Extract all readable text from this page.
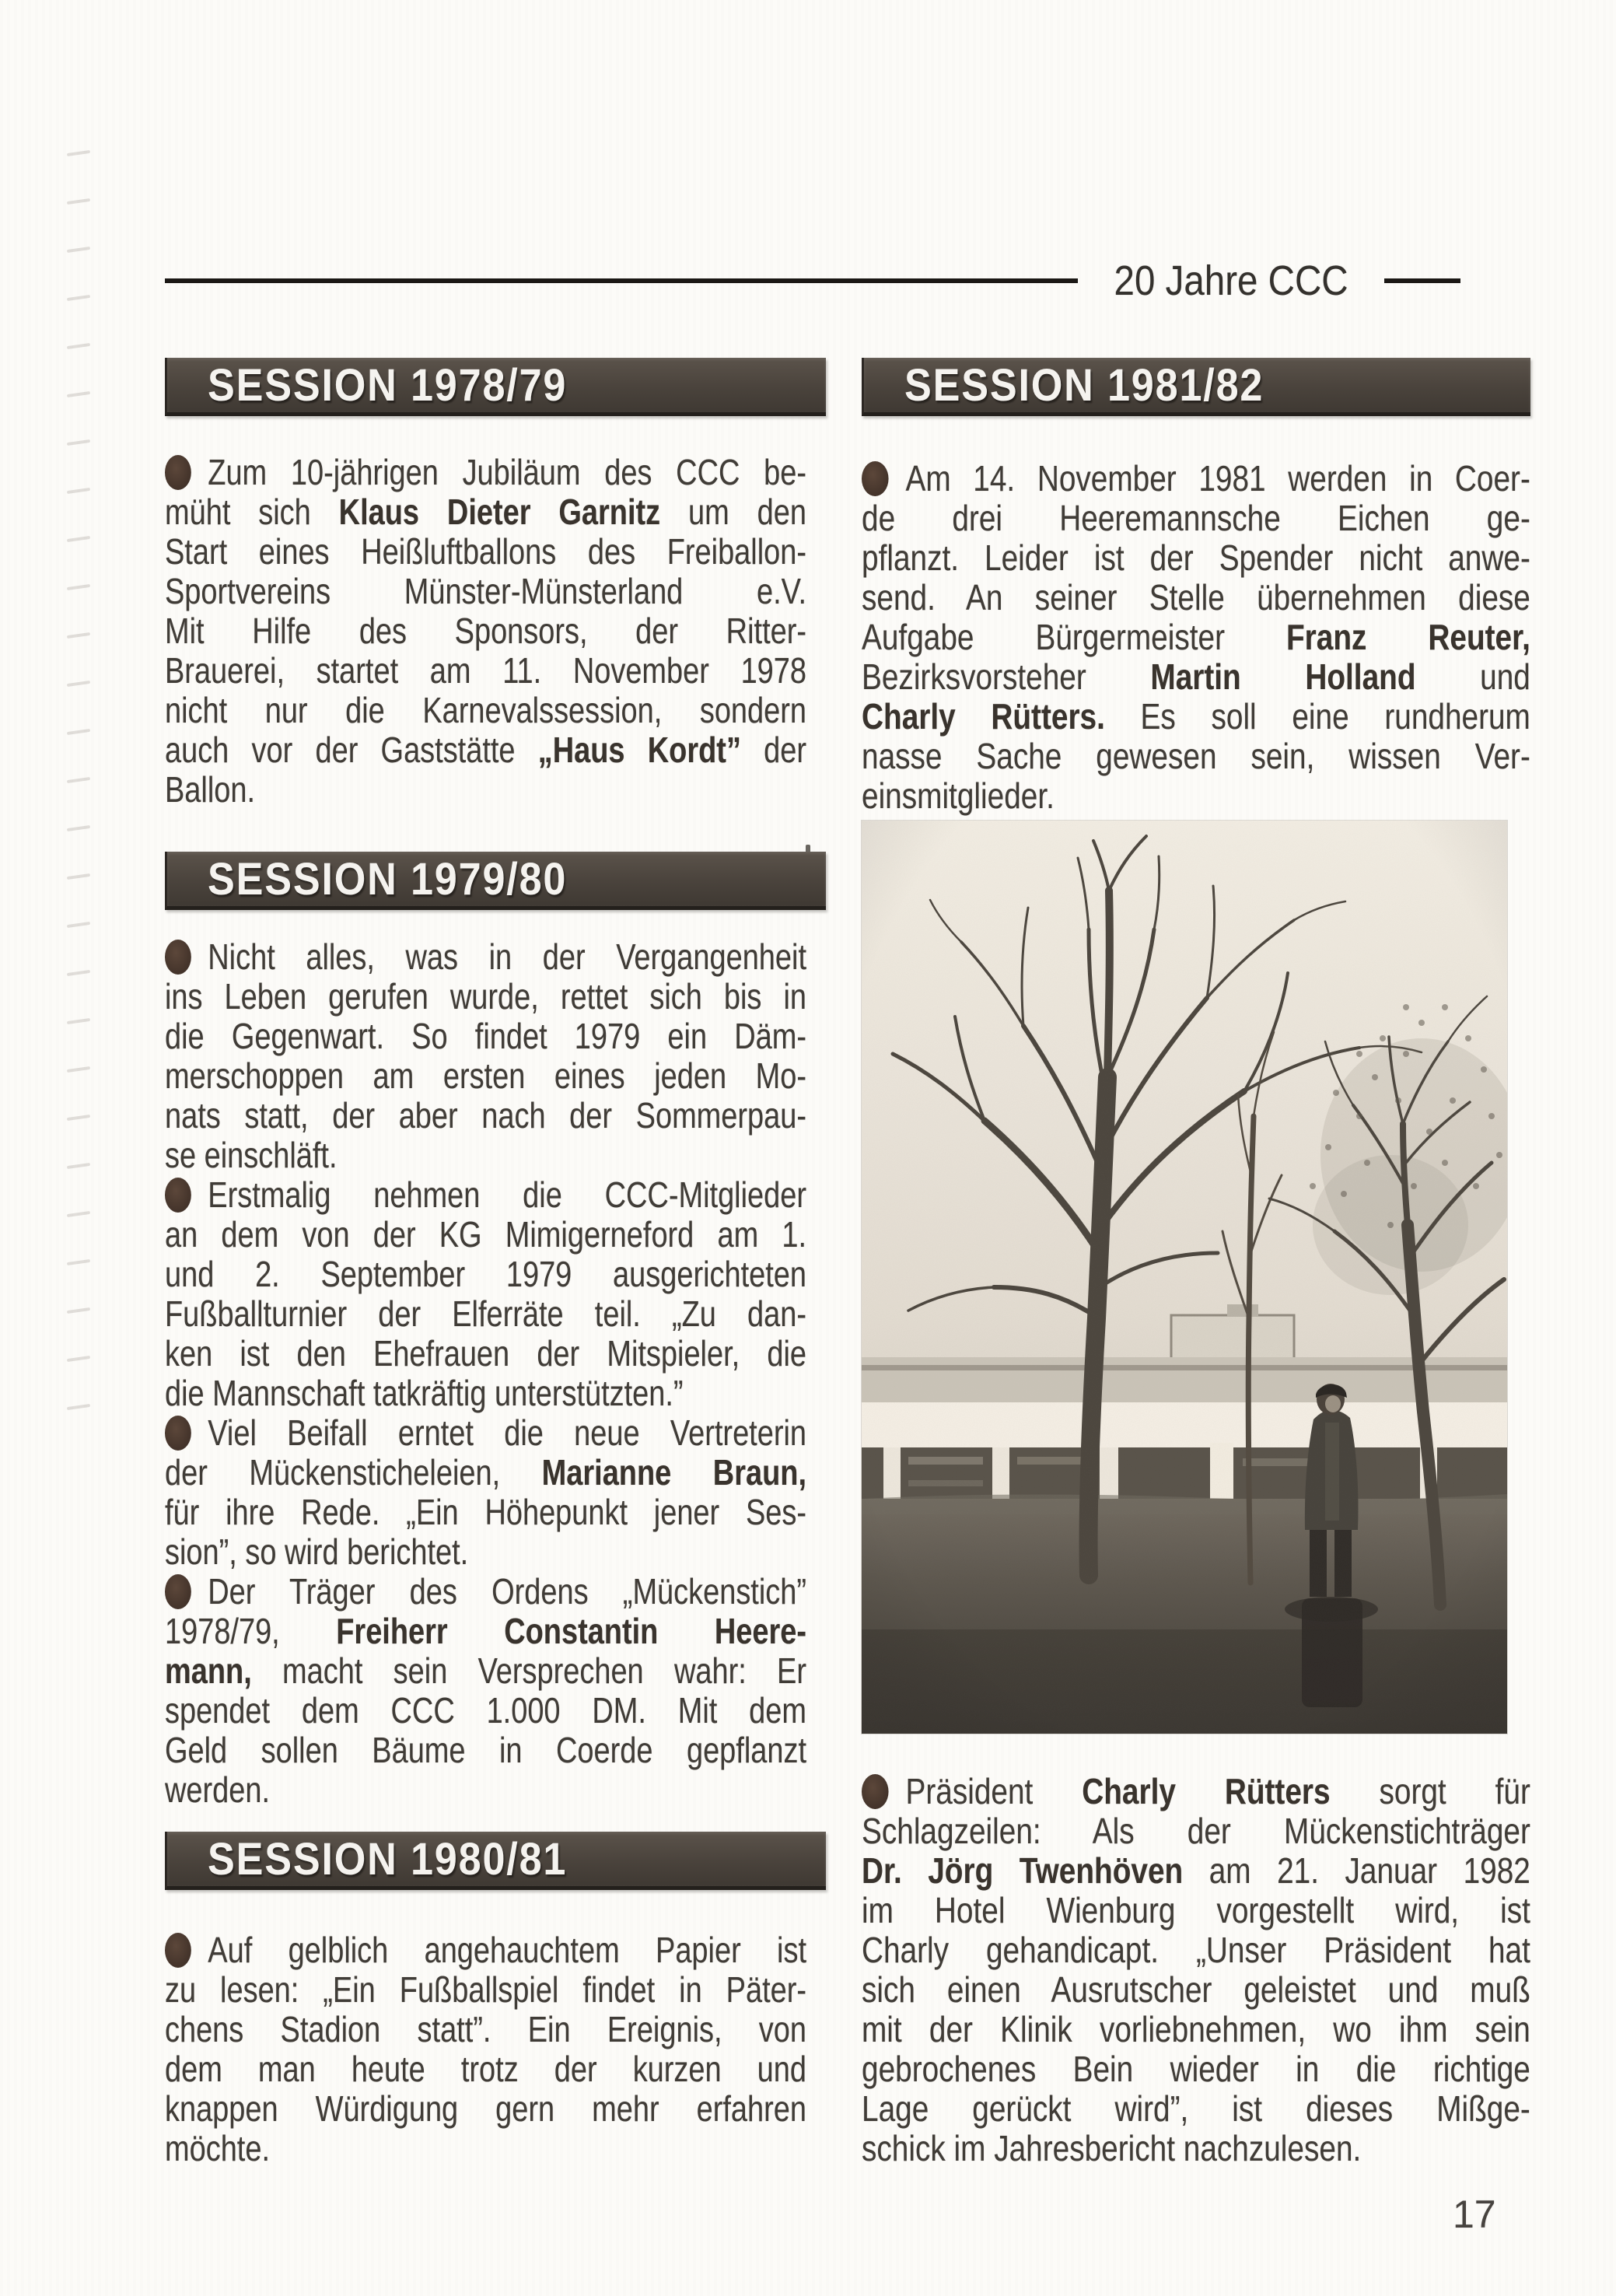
20 Jahre CCC
SESSION 1978/79
Zum 10-jährigen Jubiläum des CCC be-
müht sich Klaus Dieter Garnitz um den
Start eines Heißluftballons des Freiballon-
Sportvereins Münster-Münsterland e.V.
Mit Hilfe des Sponsors, der Ritter-
Brauerei, startet am 11. November 1978
nicht nur die Karnevalssession, sondern
auch vor der Gaststätte „Haus Kordt” der
Ballon.
SESSION 1979/80
Nicht alles, was in der Vergangenheit
ins Leben gerufen wurde, rettet sich bis in
die Gegenwart. So findet 1979 ein Däm-
merschoppen am ersten eines jeden Mo-
nats statt, der aber nach der Sommerpau-
se einschläft.
Erstmalig nehmen die CCC-Mitglieder
an dem von der KG Mimigerneford am 1.
und 2. September 1979 ausgerichteten
Fußballturnier der Elferräte teil. „Zu dan-
ken ist den Ehefrauen der Mitspieler, die
die Mannschaft tatkräftig unterstützten.”
Viel Beifall erntet die neue Vertreterin
der Mückensticheleien, Marianne Braun,
für ihre Rede. „Ein Höhepunkt jener Ses-
sion”, so wird berichtet.
Der Träger des Ordens „Mückenstich”
1978/79, Freiherr Constantin Heere-
mann, macht sein Versprechen wahr: Er
spendet dem CCC 1.000 DM. Mit dem
Geld sollen Bäume in Coerde gepflanzt
werden.
SESSION 1980/81
Auf gelblich angehauchtem Papier ist
zu lesen: „Ein Fußballspiel findet in Päter-
chens Stadion statt”. Ein Ereignis, von
dem man heute trotz der kurzen und
knappen Würdigung gern mehr erfahren
möchte.
SESSION 1981/82
Am 14. November 1981 werden in Coer-
de drei Heeremannsche Eichen ge-
pflanzt. Leider ist der Spender nicht anwe-
send. An seiner Stelle übernehmen diese
Aufgabe Bürgermeister Franz Reuter,
Bezirksvorsteher Martin Holland und
Charly Rütters. Es soll eine rundherum
nasse Sache gewesen sein, wissen Ver-
einsmitglieder.
Präsident Charly Rütters sorgt für
Schlagzeilen: Als der Mückenstichträger
Dr. Jörg Twenhöven am 21. Januar 1982
im Hotel Wienburg vorgestellt wird, ist
Charly gehandicapt. „Unser Präsident hat
sich einen Ausrutscher geleistet und muß
mit der Klinik vorliebnehmen, wo ihm sein
gebrochenes Bein wieder in die richtige
Lage gerückt wird”, ist dieses Mißge-
schick im Jahresbericht nachzulesen.
17
